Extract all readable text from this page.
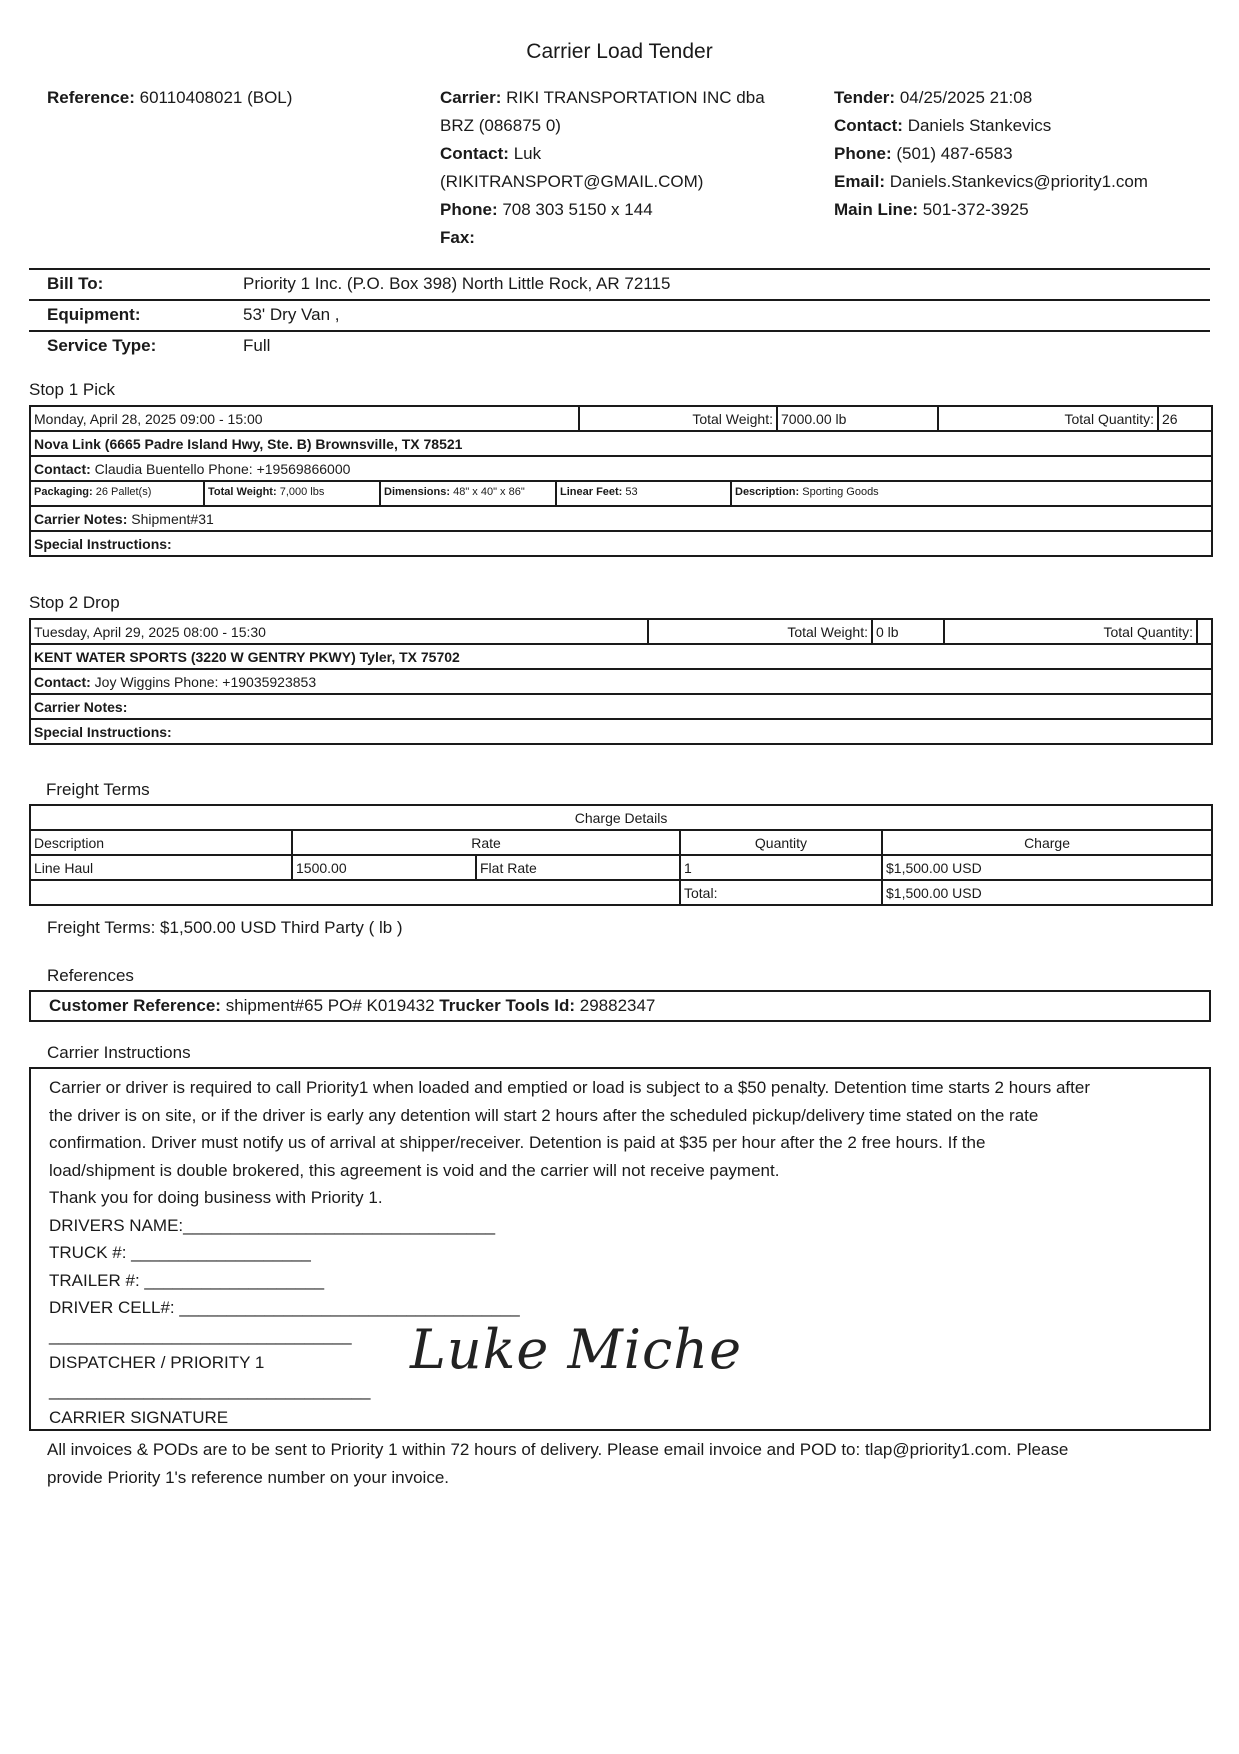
Carrier Load Tender
Reference: 60110408021 (BOL)	Carrier: RIKI TRANSPORTATION INC dba
BRZ (086875 0)
Contact: Luk
(RIKITRANSPORT@GMAIL.COM)
Phone: 708 303 5150 x 144
Fax:
Tender: 04/25/2025 21:08
Contact: Daniels Stankevics
Phone: (501) 487-6583
Email: Daniels.Stankevics@priority1.com
Main Line: 501-372-3925
Bill To:	Priority 1 Inc. (P.O. Box 398) North Little Rock, AR 72115
Equipment:	53' Dry Van ,
Service Type:	Full
Stop 1 Pick
Monday, April 28, 2025 09:00 - 15:00	Total Weight:	7000.00 lb	Total Quantity:	26
Nova Link (6665 Padre Island Hwy, Ste. B) Brownsville, TX 78521
Contact: Claudia Buentello Phone: +19569866000

Packaging: 26 Pallet(s)	Total Weight: 7,000 lbs	Dimensions: 48" x 40" x 86"	Linear Feet: 53	Description: Sporting Goods

Carrier Notes: Shipment#31
Special Instructions:
Stop 2 Drop
Tuesday, April 29, 2025 08:00 - 15:30	Total Weight:	0 lb	Total Quantity:	
KENT WATER SPORTS (3220 W GENTRY PKWY) Tyler, TX 75702
Contact: Joy Wiggins Phone: +19035923853
Carrier Notes:
Special Instructions:
Freight Terms
Charge Details				
Description	Rate		Quantity	Charge
Line Haul	1500.00	Flat Rate	1	$1,500.00 USD
			Total:	$1,500.00 USD
Freight Terms: $1,500.00 USD Third Party ( lb )
References
Customer Reference: shipment#65 PO# K019432 Trucker Tools Id: 29882347
Carrier Instructions
Carrier or driver is required to call Priority1 when loaded and emptied or load is subject to a $50 penalty. Detention time starts 2 hours after
the driver is on site, or if the driver is early any detention will start 2 hours after the scheduled pickup/delivery time stated on the rate
confirmation. Driver must notify us of arrival at shipper/receiver. Detention is paid at $35 per hour after the 2 free hours. If the
load/shipment is double brokered, this agreement is void and the carrier will not receive payment.
Thank you for doing business with Priority 1.
DRIVERS NAME:_________________________________
TRUCK #: ___________________
TRAILER #: ___________________
DRIVER CELL#: ____________________________________
________________________________
DISPATCHER / PRIORITY 1
__________________________________
CARRIER SIGNATURE
Luke Miche
All invoices & PODs are to be sent to Priority 1 within 72 hours of delivery. Please email invoice and POD to: tlap@priority1.com. Please
provide Priority 1's reference number on your invoice.
